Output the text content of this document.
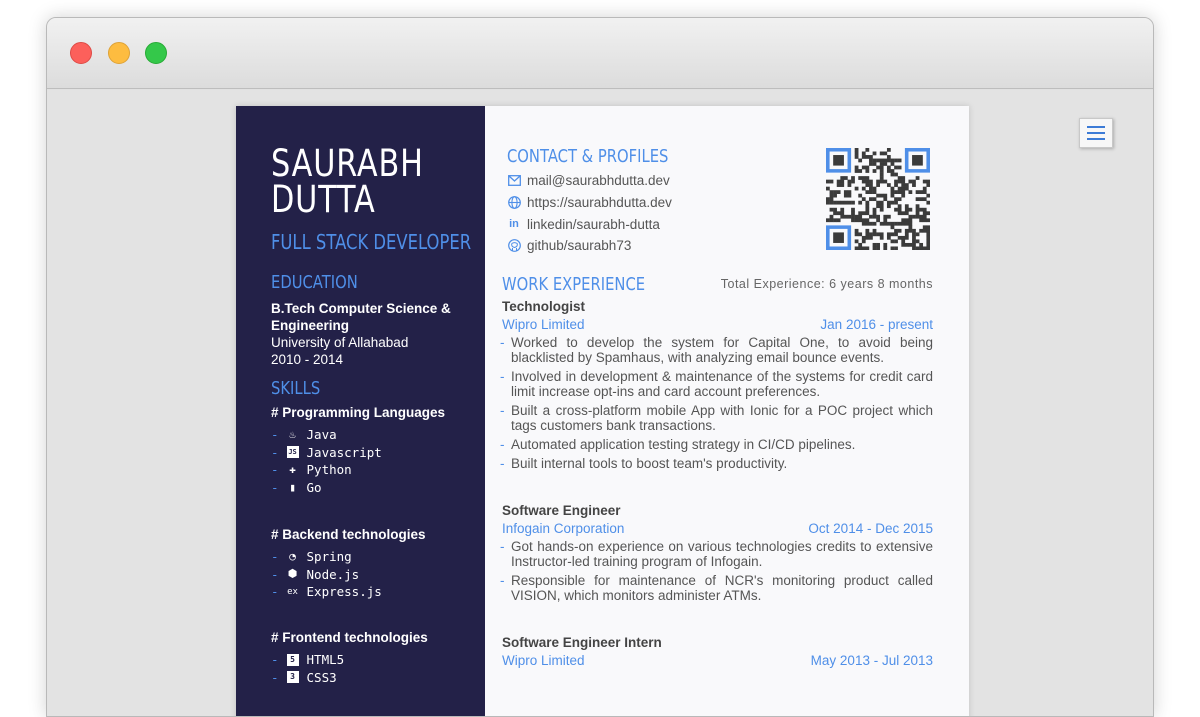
SAURABH
DUTTA
FULL STACK DEVELOPER
EDUCATION
B.Tech Computer Science & Engineering
University of Allahabad
2010 - 2014
SKILLS
# Programming Languages
- ♨ Java
- JS Javascript
- ✚ Python
- ▮ Go
# Backend technologies
- ◔ Spring
- ⬢ Node.js
- ex Express.js
# Frontend technologies
-	5 HTML5
-	3 CSS3
CONTACT & PROFILES
mail@saurabhdutta.dev
https://saurabhdutta.dev
in linkedin/saurabh-dutta
github/saurabh73
WORK EXPERIENCE	Total Experience: 6 years 8 months
Technologist
Wipro Limited	Jan 2016 - present
- Worked to develop the system for Capital One, to avoid being blacklisted by Spamhaus, with analyzing email bounce events.
- Involved in development & maintenance of the systems for credit card limit increase opt-ins and card account preferences.
- Built a cross-platform mobile App with Ionic for a POC project which tags customers bank transactions.
- Automated application testing strategy in CI/CD pipelines.
- Built internal tools to boost team's productivity.
Software Engineer
Infogain Corporation	Oct 2014 - Dec 2015
- Got hands-on experience on various technologies credits to extensive Instructor-led training program of Infogain.
- Responsible for maintenance of NCR's monitoring product called VISION, which monitors administer ATMs.
Software Engineer Intern
Wipro Limited	May 2013 - Jul 2013
